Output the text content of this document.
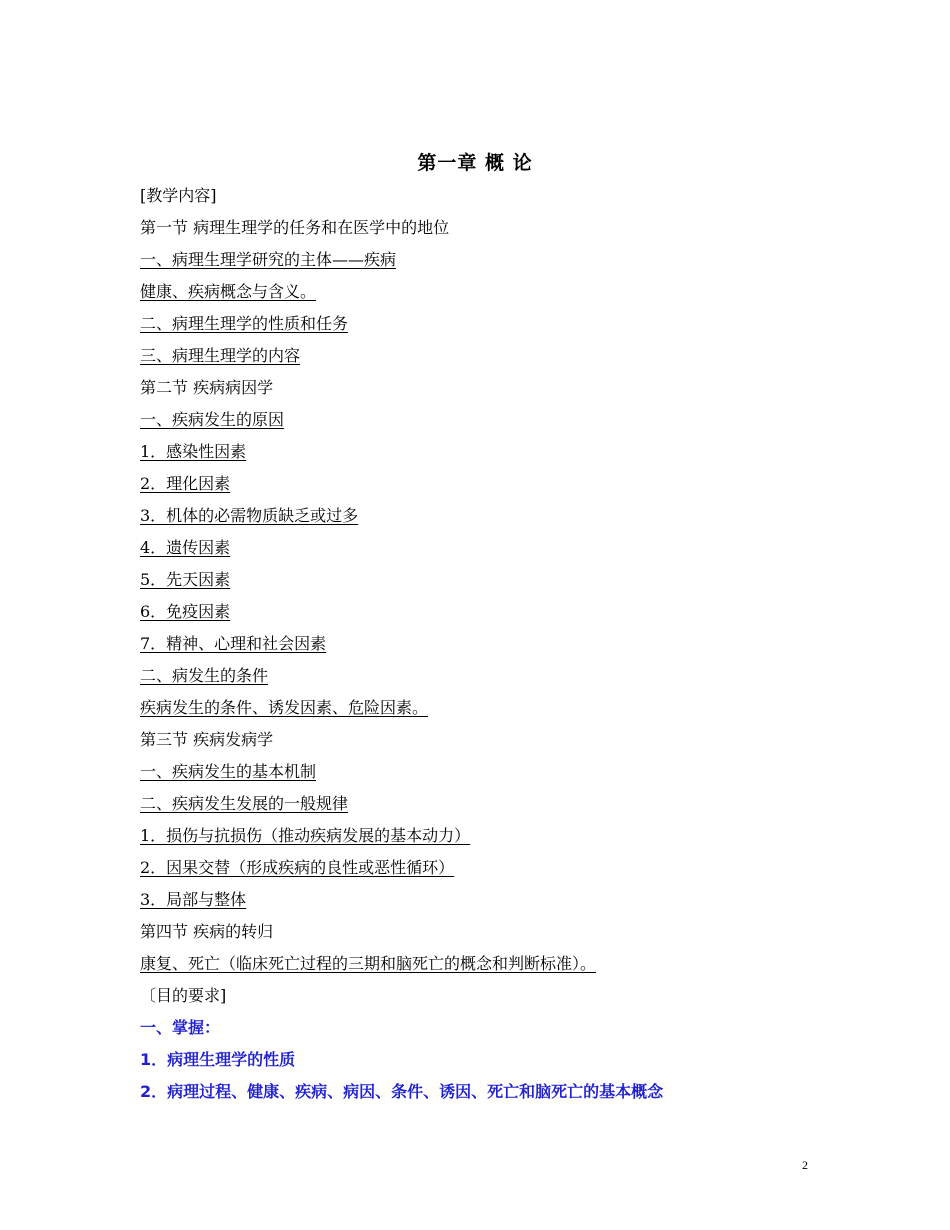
第一章 概 论
[教学内容]
第一节 病理生理学的任务和在医学中的地位
一、病理生理学研究的主体——疾病
健康、疾病概念与含义。
二、病理生理学的性质和任务
三、病理生理学的内容
第二节 疾病病因学
一、疾病发生的原因
1．感染性因素
2．理化因素
3．机体的必需物质缺乏或过多
4．遗传因素
5．先天因素
6．免疫因素
7．精神、心理和社会因素
二、病发生的条件
疾病发生的条件、诱发因素、危险因素。
第三节 疾病发病学
一、疾病发生的基本机制
二、疾病发生发展的一般规律
1．损伤与抗损伤（推动疾病发展的基本动力）
2．因果交替（形成疾病的良性或恶性循环）
3．局部与整体
第四节 疾病的转归
康复、死亡（临床死亡过程的三期和脑死亡的概念和判断标准）。
〔目的要求]
一、掌握：
1．病理生理学的性质
2．病理过程、健康、疾病、病因、条件、诱因、死亡和脑死亡的基本概念
2
